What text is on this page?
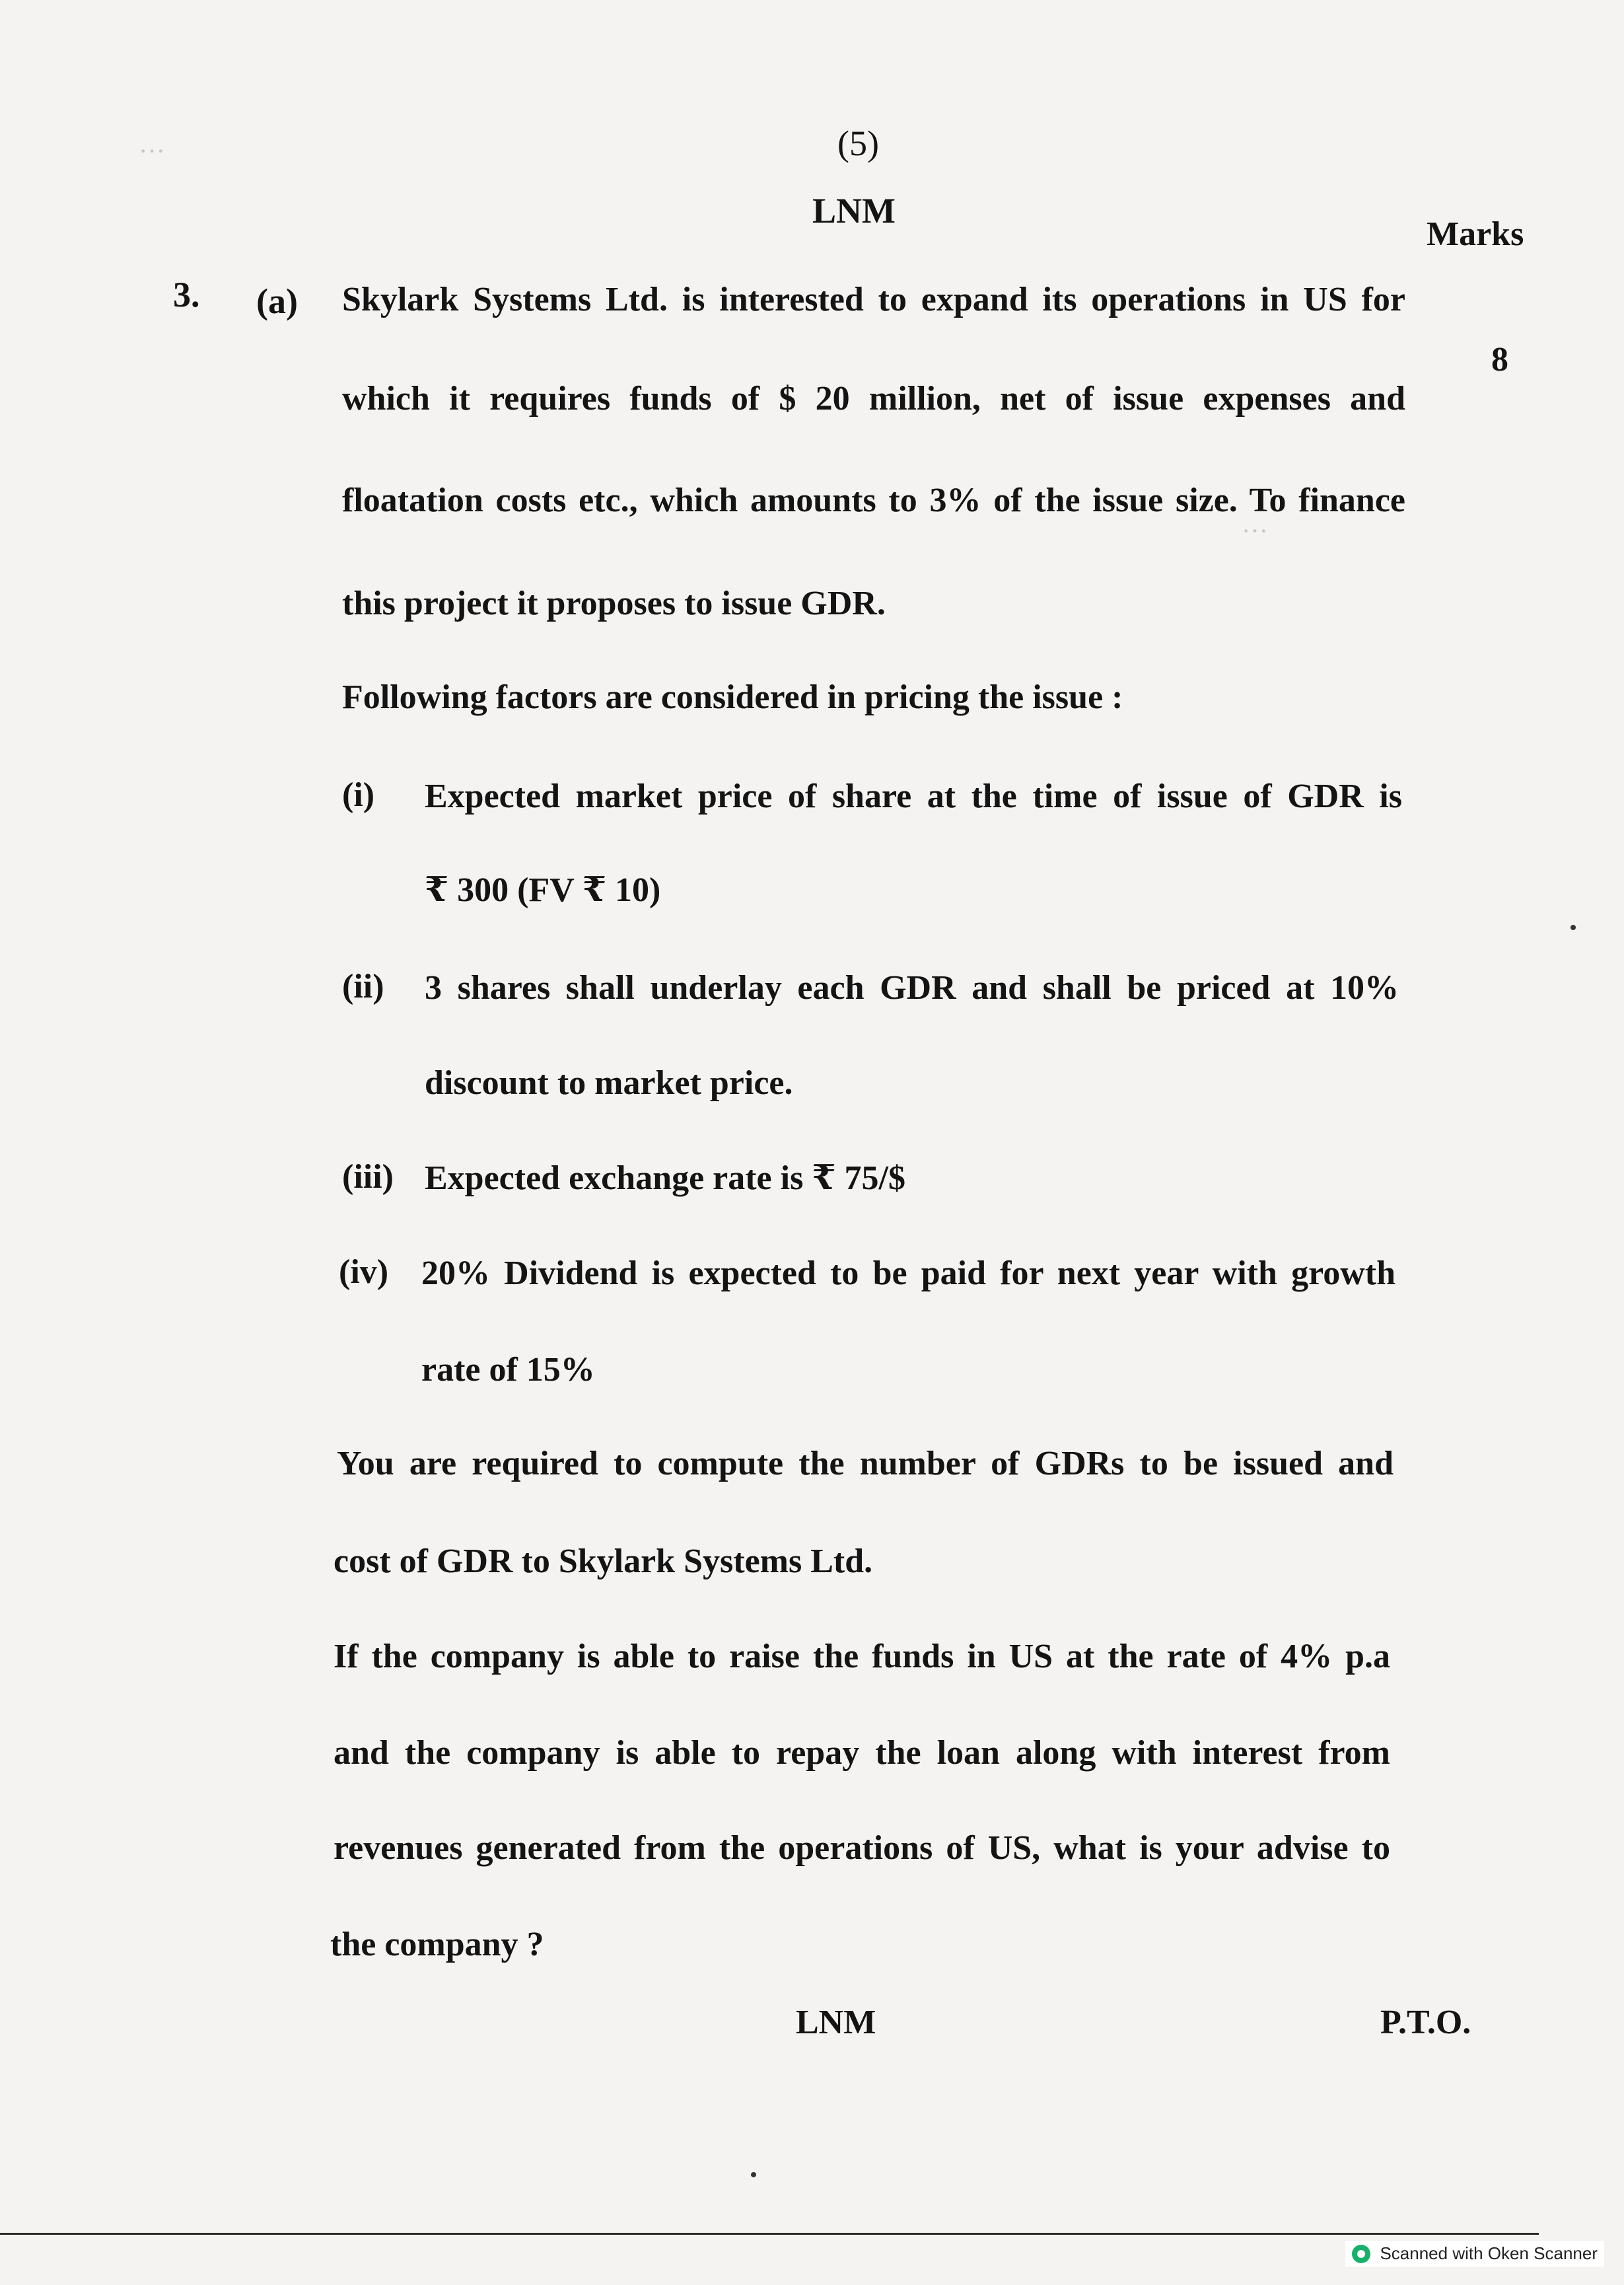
···
···
(5)
LNM
Marks
3. (a)
8
Skylark Systems Ltd. is interested to expand its operations in US for
which it requires funds of $ 20 million, net of issue expenses and
floatation costs etc., which amounts to 3% of the issue size. To finance
this project it proposes to issue GDR.
Following factors are considered in pricing the issue :
(i) Expected market price of share at the time of issue of GDR is
₹ 300 (FV ₹ 10)
(ii) 3 shares shall underlay each GDR and shall be priced at 10%
discount to market price.
(iii) Expected exchange rate is ₹ 75/$
(iv) 20% Dividend is expected to be paid for next year with growth
rate of 15%
You are required to compute the number of GDRs to be issued and
cost of GDR to Skylark Systems Ltd.
If the company is able to raise the funds in US at the rate of 4% p.a
and the company is able to repay the loan along with interest from
revenues generated from the operations of US, what is your advise to
the company ?
LNM	P.T.O.
Scanned with Oken Scanner
